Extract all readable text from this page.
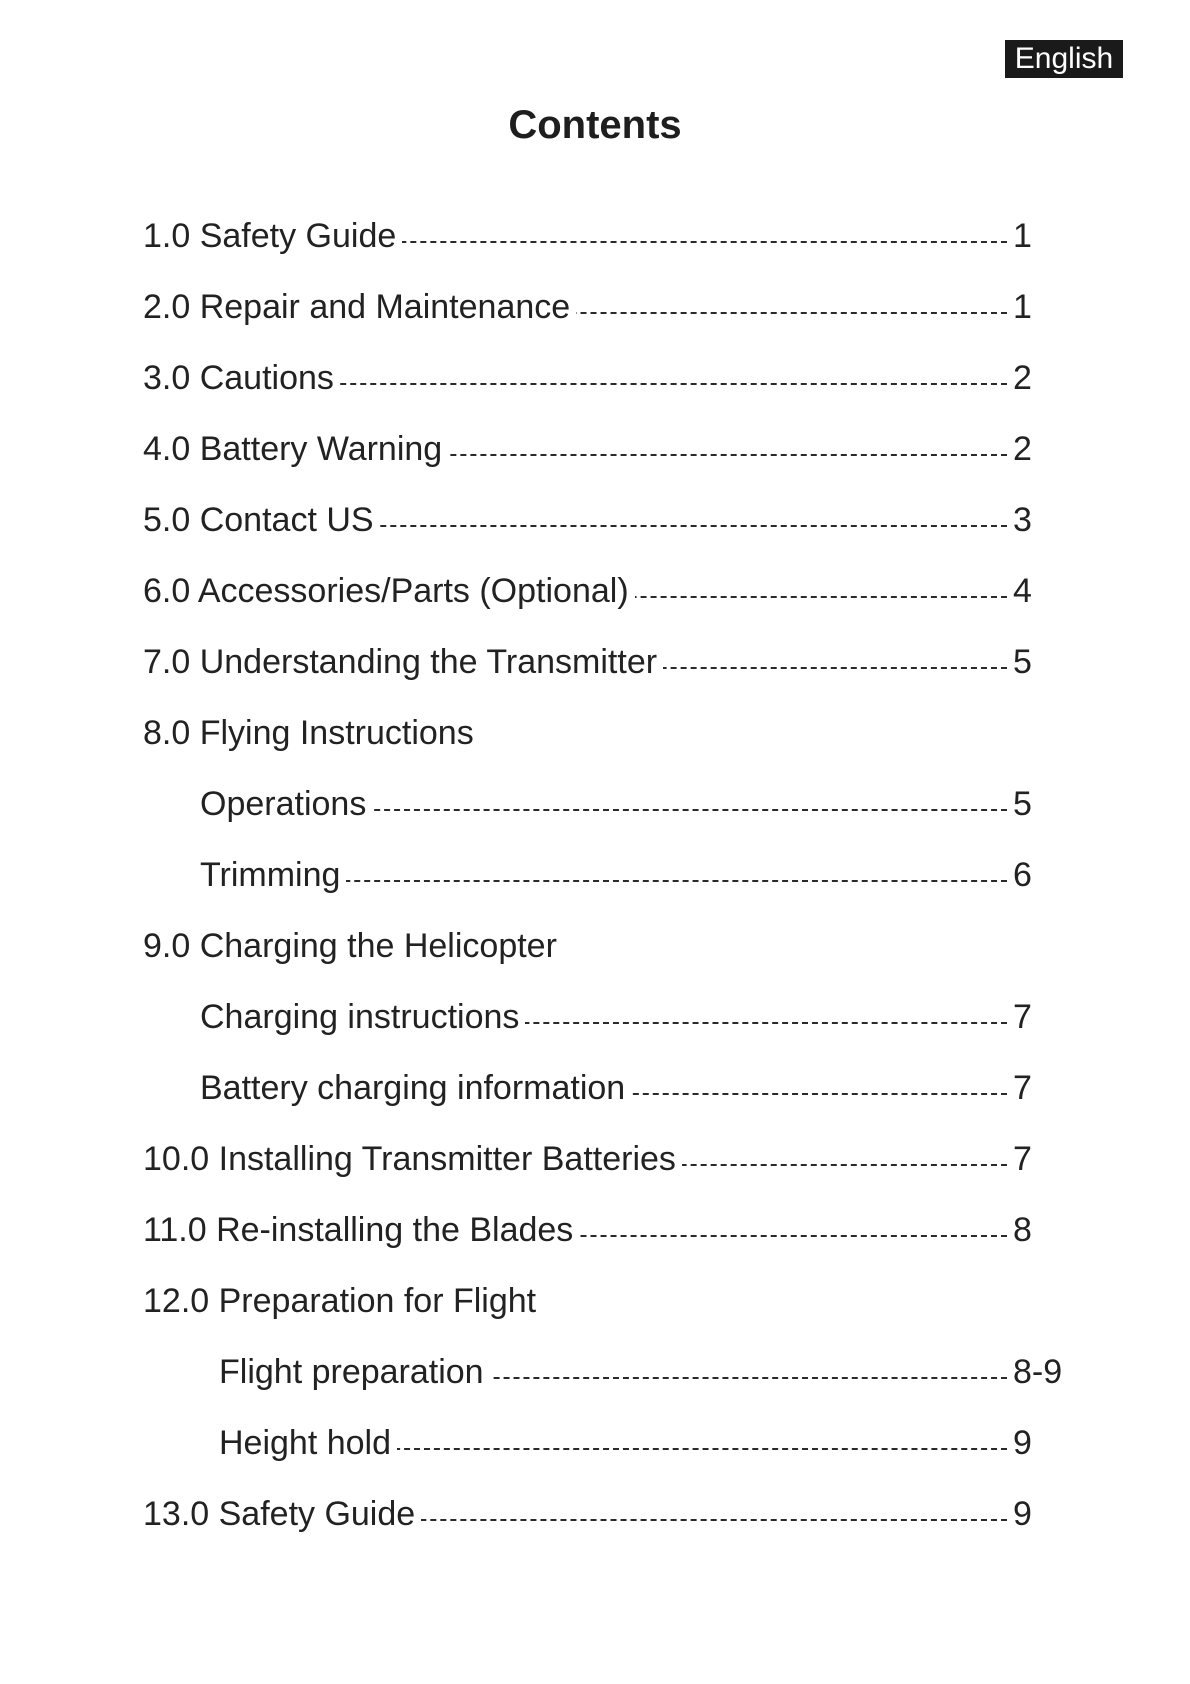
English
Contents
1.0 Safety Guide	1
2.0 Repair and Maintenance	1
3.0 Cautions	2
4.0 Battery Warning	2
5.0 Contact US	3
6.0 Accessories/Parts (Optional)	4
7.0 Understanding the Transmitter	5
8.0 Flying Instructions
Operations	5
Trimming	6
9.0 Charging the Helicopter
Charging instructions	7
Battery charging information	7
10.0 Installing Transmitter Batteries	7
11.0 Re-installing the Blades	8
12.0 Preparation for Flight
Flight preparation	8-9
Height hold	9
13.0 Safety Guide	9
